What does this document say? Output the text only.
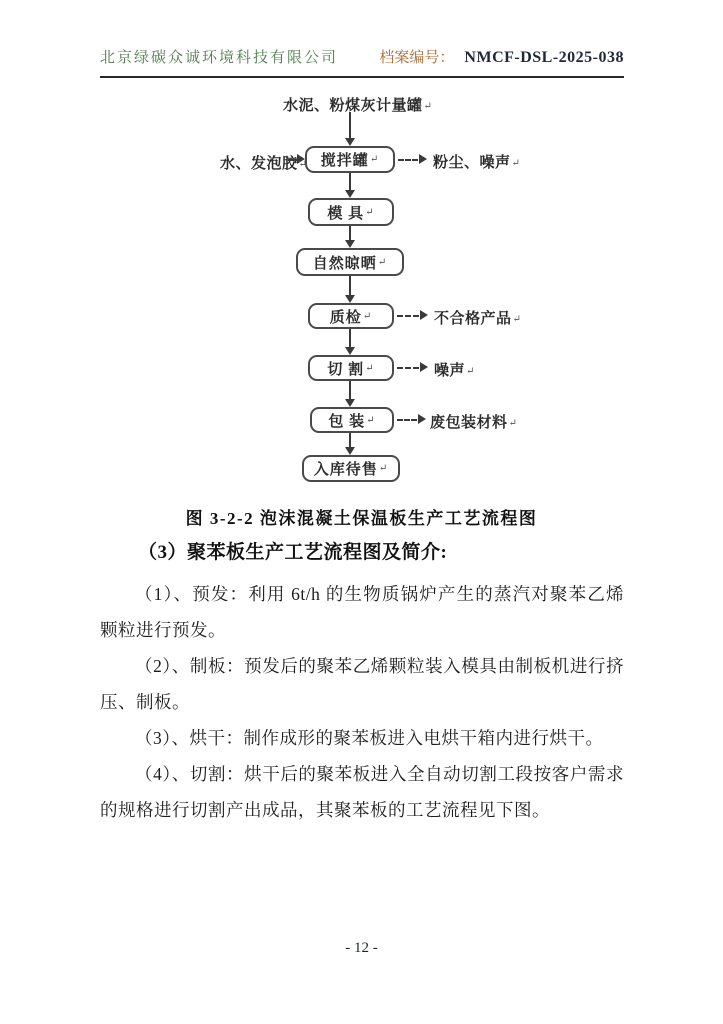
北京绿碳众诚环境科技有限公司	档案编号： NMCF-DSL-2025-038
水泥、粉煤灰计量罐↵
搅拌罐 ↵
模 具 ↵
自然晾晒 ↵
质检 ↵
切 割 ↵
包 装 ↵
入库待售 ↵
水、发泡胶↵	粉尘、噪声↵
不合格产品↵
噪声↵
废包装材料↵
图 3-2-2 泡沫混凝土保温板生产工艺流程图

（3）聚苯板生产工艺流程图及简介:

（1）、预发：利用 6t/h 的生物质锅炉产生的蒸汽对聚苯乙烯颗粒进行预发。

（2）、制板：预发后的聚苯乙烯颗粒装入模具由制板机进行挤压、制板。

（3）、烘干：制作成形的聚苯板进入电烘干箱内进行烘干。

（4）、切割：烘干后的聚苯板进入全自动切割工段按客户需求的规格进行切割产出成品，其聚苯板的工艺流程见下图。

- 12 -
